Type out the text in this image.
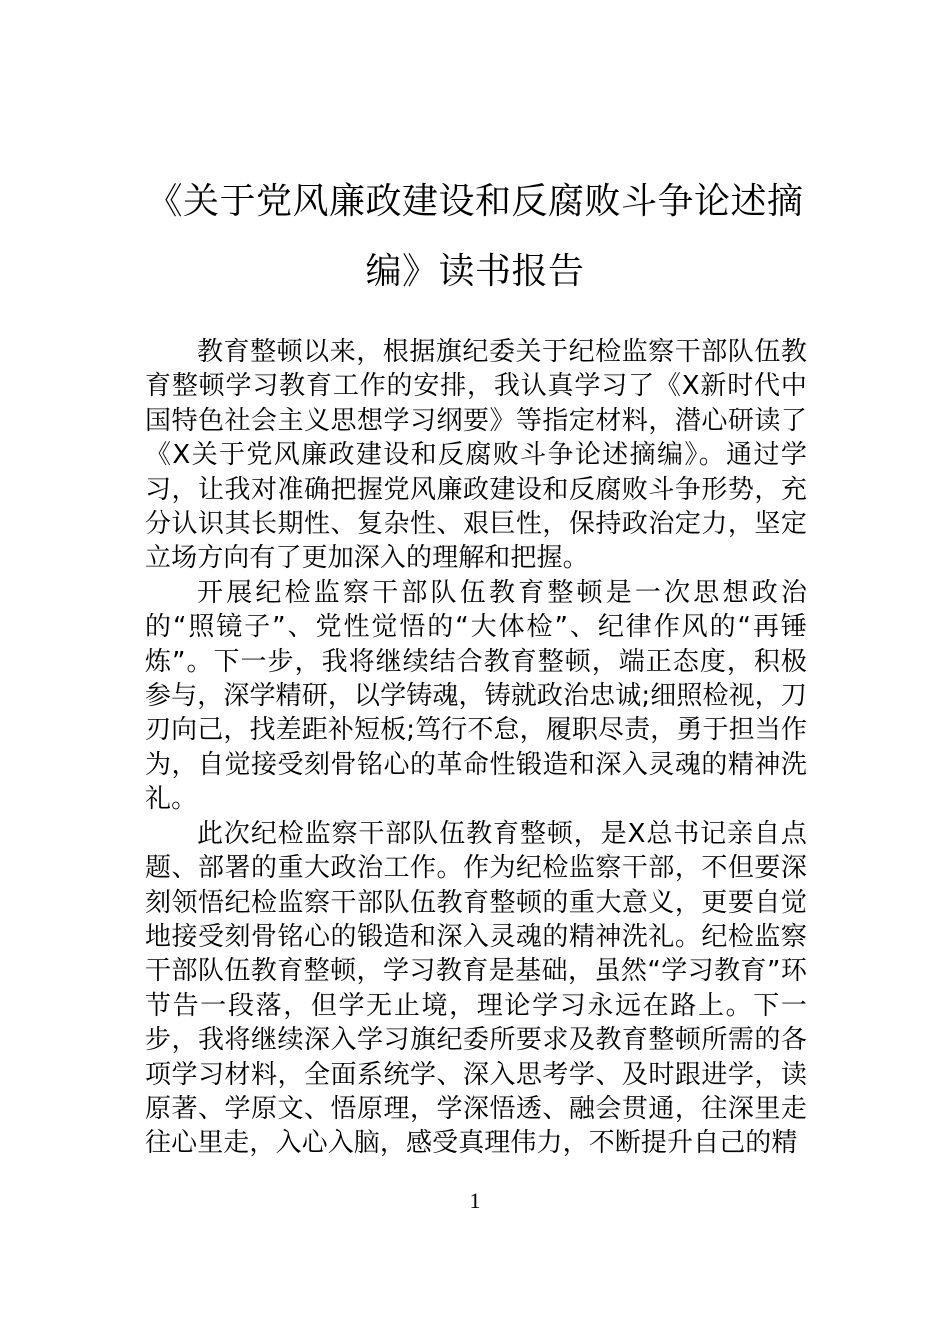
《关于党风廉政建设和反腐败斗争论述摘
编》读书报告

教育整顿以来，根据旗纪委关于纪检监察干部队伍教育整顿学习教育工作的安排，我认真学习了《X新时代中国特色社会主义思想学习纲要》等指定材料，潜心研读了《X关于党风廉政建设和反腐败斗争论述摘编》。通过学习，让我对准确把握党风廉政建设和反腐败斗争形势，充分认识其长期性、复杂性、艰巨性，保持政治定力，坚定立场方向有了更加深入的理解和把握。

开展纪检监察干部队伍教育整顿是一次思想政治的“照镜子”、党性觉悟的“大体检”、纪律作风的“再锤炼”。下一步，我将继续结合教育整顿，端正态度，积极参与，深学精研，以学铸魂，铸就政治忠诚;细照检视，刀刃向己，找差距补短板;笃行不怠，履职尽责，勇于担当作为，自觉接受刻骨铭心的革命性锻造和深入灵魂的精神洗礼。

此次纪检监察干部队伍教育整顿，是X总书记亲自点题、部署的重大政治工作。作为纪检监察干部，不但要深刻领悟纪检监察干部队伍教育整顿的重大意义，更要自觉地接受刻骨铭心的锻造和深入灵魂的精神洗礼。纪检监察干部队伍教育整顿，学习教育是基础，虽然“学习教育”环节告一段落，但学无止境，理论学习永远在路上。下一步，我将继续深入学习旗纪委所要求及教育整顿所需的各项学习材料，全面系统学、深入思考学、及时跟进学，读原著、学原文、悟原理，学深悟透、融会贯通，往深里走往心里走，入心入脑，感受真理伟力，不断提升自己的精

1
